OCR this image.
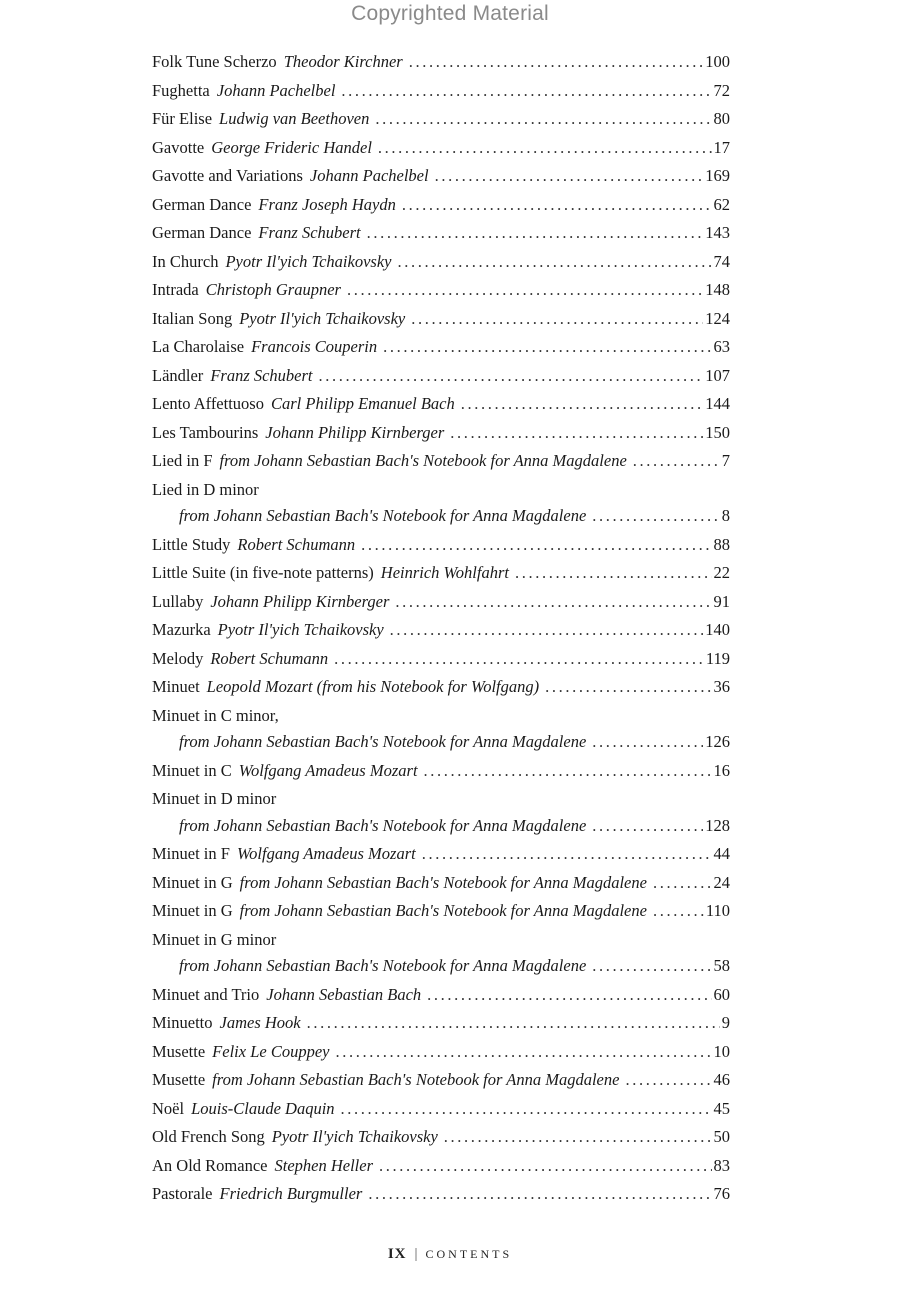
Copyrighted Material
Folk Tune Scherzo Theodor Kirchner . . .	100
Fughetta Johann Pachelbel . . .	72
Für Elise Ludwig van Beethoven . . .	80
Gavotte George Frideric Handel . . .	17
Gavotte and Variations Johann Pachelbel . . .	169
German Dance Franz Joseph Haydn . . .	62
German Dance Franz Schubert . . .	143
In Church Pyotr Il'yich Tchaikovsky . . .	74
Intrada Christoph Graupner . . .	148
Italian Song Pyotr Il'yich Tchaikovsky . . .	124
La Charolaise Francois Couperin . . .	63
Ländler Franz Schubert . . .	107
Lento Affettuoso Carl Philipp Emanuel Bach . . .	144
Les Tambourins Johann Philipp Kirnberger . . .	150
Lied in F from Johann Sebastian Bach's Notebook for Anna Magdalene . . .	7
Lied in D minor
from Johann Sebastian Bach's Notebook for Anna Magdalene . . .	8
Little Study Robert Schumann . . .	88
Little Suite (in five-note patterns) Heinrich Wohlfahrt . . .	22
Lullaby Johann Philipp Kirnberger . . .	91
Mazurka Pyotr Il'yich Tchaikovsky . . .	140
Melody Robert Schumann . . .	119
Minuet Leopold Mozart (from his Notebook for Wolfgang) . . .	36
Minuet in C minor,
from Johann Sebastian Bach's Notebook for Anna Magdalene . . .	126
Minuet in C Wolfgang Amadeus Mozart . . .	16
Minuet in D minor
from Johann Sebastian Bach's Notebook for Anna Magdalene . . .	128
Minuet in F Wolfgang Amadeus Mozart . . .	44
Minuet in G from Johann Sebastian Bach's Notebook for Anna Magdalene . . .	24
Minuet in G from Johann Sebastian Bach's Notebook for Anna Magdalene . . .	110
Minuet in G minor
from Johann Sebastian Bach's Notebook for Anna Magdalene . . .	58
Minuet and Trio Johann Sebastian Bach . . .	60
Minuetto James Hook . . .	9
Musette Felix Le Couppey . . .	10
Musette from Johann Sebastian Bach's Notebook for Anna Magdalene . . .	46
Noël Louis-Claude Daquin . . .	45
Old French Song Pyotr Il'yich Tchaikovsky . . .	50
An Old Romance Stephen Heller . . .	83
Pastorale Friedrich Burgmuller . . .	76
IX | CONTENTS
